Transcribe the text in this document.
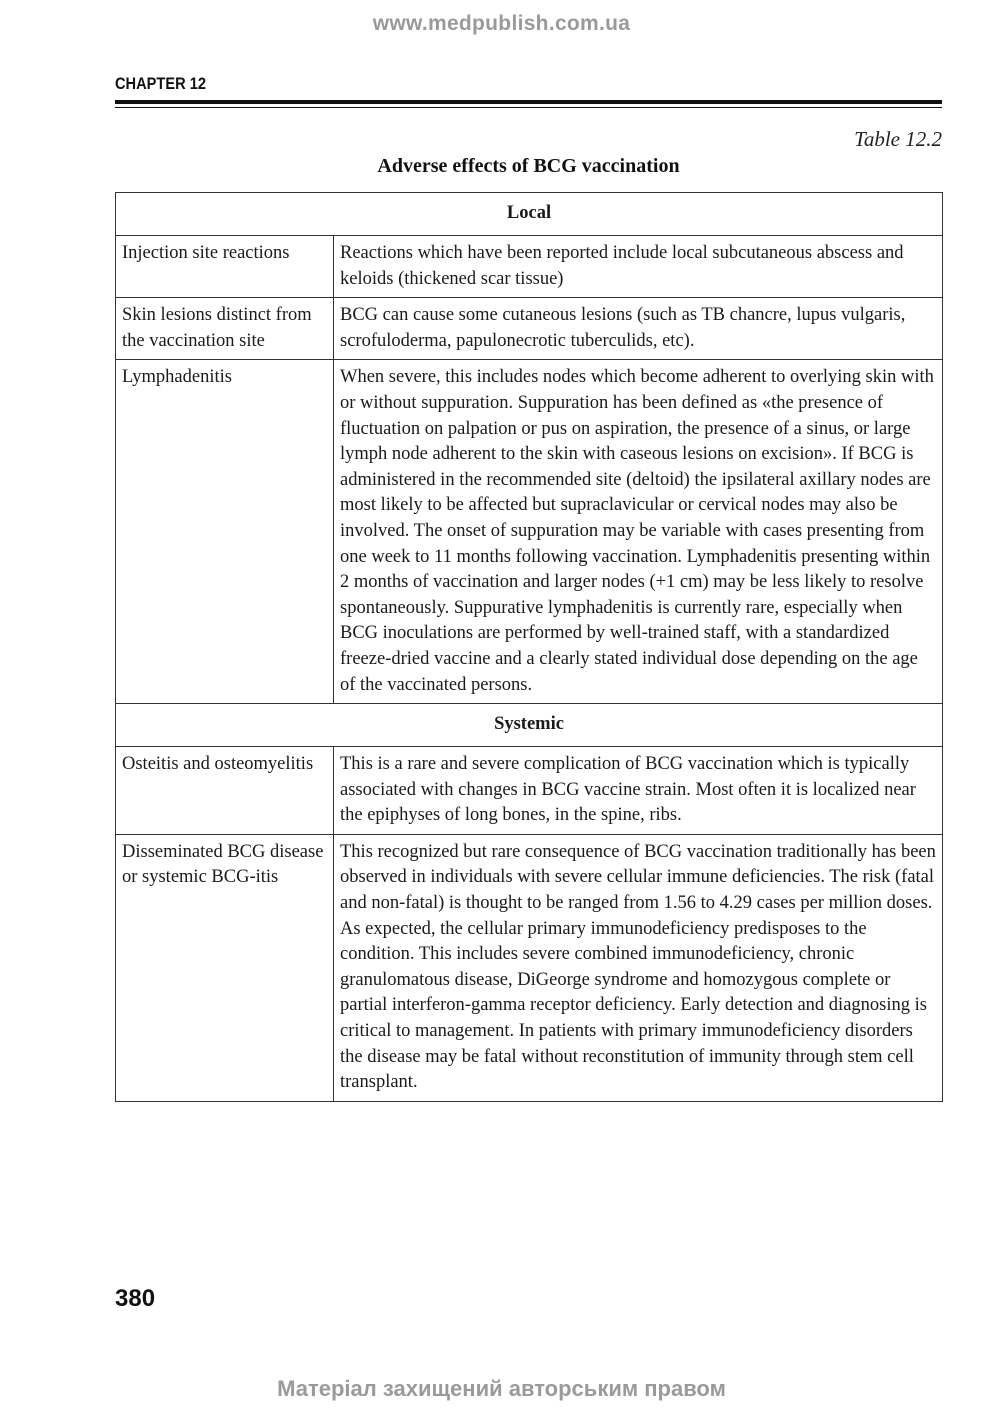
www.medpublish.com.ua
CHAPTER 12
Table 12.2
Adverse effects of BCG vaccination
Local	
Injection site reactions	Reactions which have been reported include local subcutaneous abscess and keloids (thickened scar tissue)
Skin lesions distinct from the vaccination site	BCG can cause some cutaneous lesions (such as TB chancre, lupus vulgaris, scrofuloderma, papulonecrotic tuberculids, etc).
Lymphadenitis	When severe, this includes nodes which become adherent to overlying skin with or without suppuration. Suppuration has been defined as «the presence of fluctuation on palpation or pus on aspiration, the presence of a sinus, or large lymph node adherent to the skin with caseous lesions on excision». If BCG is administered in the recommended site (deltoid) the ipsilateral axillary nodes are most likely to be affected but supraclavicular or cervical nodes may also be involved. The onset of suppuration may be variable with cases presenting from one week to 11 months following vaccination. Lymphadenitis presenting within 2 months of vaccination and larger nodes (+1 cm) may be less likely to resolve spontaneously. Suppurative lymphadenitis is currently rare, especially when BCG inoculations are performed by well-trained staff, with a standardized freeze-dried vaccine and a clearly stated individual dose depending on the age of the vaccinated persons.
Systemic	
Osteitis and osteomyelitis	This is a rare and severe complication of BCG vaccination which is typically associated with changes in BCG vaccine strain. Most often it is localized near the epiphyses of long bones, in the spine, ribs.
Disseminated BCG disease or systemic BCG-itis	This recognized but rare consequence of BCG vaccination traditionally has been observed in individuals with severe cellular immune deficiencies. The risk (fatal and non-fatal) is thought to be ranged from 1.56 to 4.29 cases per million doses. As expected, the cellular primary immunodeficiency predisposes to the condition. This includes severe combined immunodeficiency, chronic granulomatous disease, DiGeorge syndrome and homozygous complete or partial interferon-gamma receptor deficiency. Early detection and diagnosing is critical to management. In patients with primary immunodeficiency disorders the disease may be fatal without reconstitution of immunity through stem cell transplant.
380
Матеріал захищений авторським правом
